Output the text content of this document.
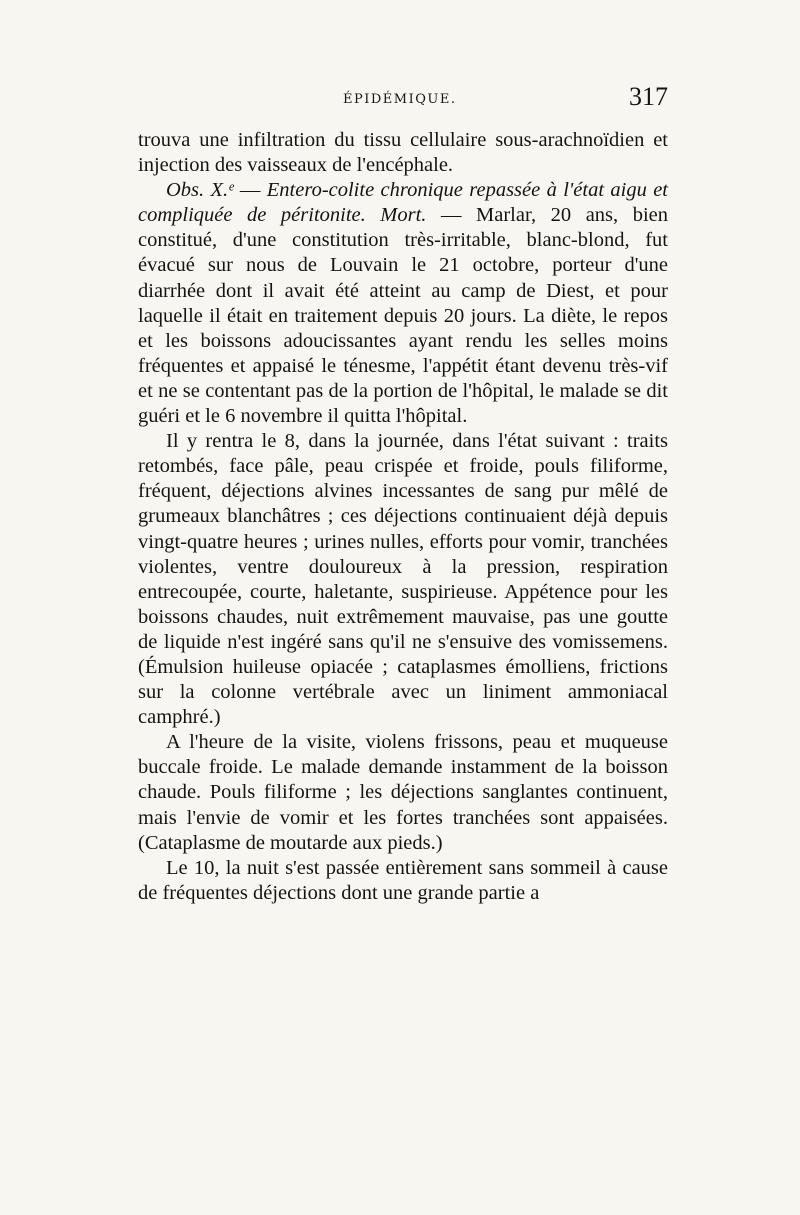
ÉPIDÉMIQUE.	317

trouva une infiltration du tissu cellulaire sous-arachnoïdien et injection des vaisseaux de l'encéphale.

Obs. X.ᵉ — Entero-colite chronique repassée à l'état aigu et compliquée de péritonite. Mort. — Marlar, 20 ans, bien constitué, d'une constitution très-irritable, blanc-blond, fut évacué sur nous de Louvain le 21 octobre, porteur d'une diarrhée dont il avait été atteint au camp de Diest, et pour laquelle il était en traitement depuis 20 jours. La diète, le repos et les boissons adoucissantes ayant rendu les selles moins fréquentes et appaisé le ténesme, l'appétit étant devenu très-vif et ne se contentant pas de la portion de l'hôpital, le malade se dit guéri et le 6 novembre il quitta l'hôpital.

Il y rentra le 8, dans la journée, dans l'état suivant : traits retombés, face pâle, peau crispée et froide, pouls filiforme, fréquent, déjections alvines incessantes de sang pur mêlé de grumeaux blanchâtres ; ces déjections continuaient déjà depuis vingt-quatre heures ; urines nulles, efforts pour vomir, tranchées violentes, ventre douloureux à la pression, respiration entrecoupée, courte, haletante, suspirieuse. Appétence pour les boissons chaudes, nuit extrêmement mauvaise, pas une goutte de liquide n'est ingéré sans qu'il ne s'ensuive des vomissemens. (Émulsion huileuse opiacée ; cataplasmes émolliens, frictions sur la colonne vertébrale avec un liniment ammoniacal camphré.)

A l'heure de la visite, violens frissons, peau et muqueuse buccale froide. Le malade demande instamment de la boisson chaude. Pouls filiforme ; les déjections sanglantes continuent, mais l'envie de vomir et les fortes tranchées sont appaisées. (Cataplasme de moutarde aux pieds.)

Le 10, la nuit s'est passée entièrement sans sommeil à cause de fréquentes déjections dont une grande partie a
